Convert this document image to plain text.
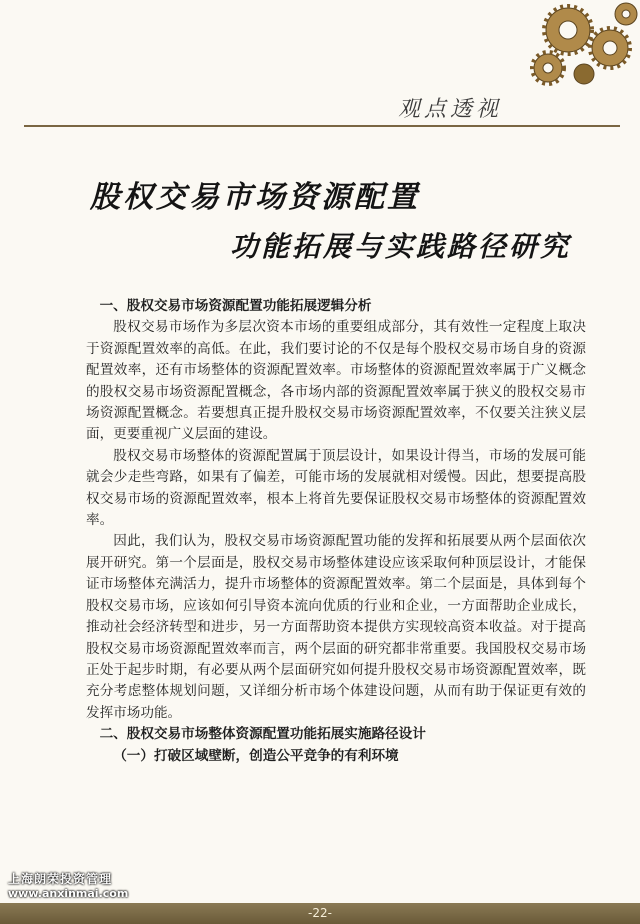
观点透视
股权交易市场资源配置
功能拓展与实践路径研究

一、股权交易市场资源配置功能拓展逻辑分析

股权交易市场作为多层次资本市场的重要组成部分，其有效性一定程度上取决于资源配置效率的高低。在此，我们要讨论的不仅是每个股权交易市场自身的资源配置效率，还有市场整体的资源配置效率。市场整体的资源配置效率属于广义概念的股权交易市场资源配置概念，各市场内部的资源配置效率属于狭义的股权交易市场资源配置概念。若要想真正提升股权交易市场资源配置效率，不仅要关注狭义层面，更要重视广义层面的建设。

股权交易市场整体的资源配置属于顶层设计，如果设计得当，市场的发展可能就会少走些弯路，如果有了偏差，可能市场的发展就相对缓慢。因此，想要提高股权交易市场的资源配置效率，根本上将首先要保证股权交易市场整体的资源配置效率。

因此，我们认为，股权交易市场资源配置功能的发挥和拓展要从两个层面依次展开研究。第一个层面是，股权交易市场整体建设应该采取何种顶层设计，才能保证市场整体充满活力，提升市场整体的资源配置效率。第二个层面是，具体到每个股权交易市场，应该如何引导资本流向优质的行业和企业，一方面帮助企业成长，推动社会经济转型和进步，另一方面帮助资本提供方实现较高资本收益。对于提高股权交易市场资源配置效率而言，两个层面的研究都非常重要。我国股权交易市场正处于起步时期，有必要从两个层面研究如何提升股权交易市场资源配置效率，既充分考虑整体规划问题，又详细分析市场个体建设问题，从而有助于保证更有效的发挥市场功能。

二、股权交易市场整体资源配置功能拓展实施路径设计

（一）打破区域壁断，创造公平竞争的有利环境

上海朗荣投资管理
www.anxinmai.com
-22-
